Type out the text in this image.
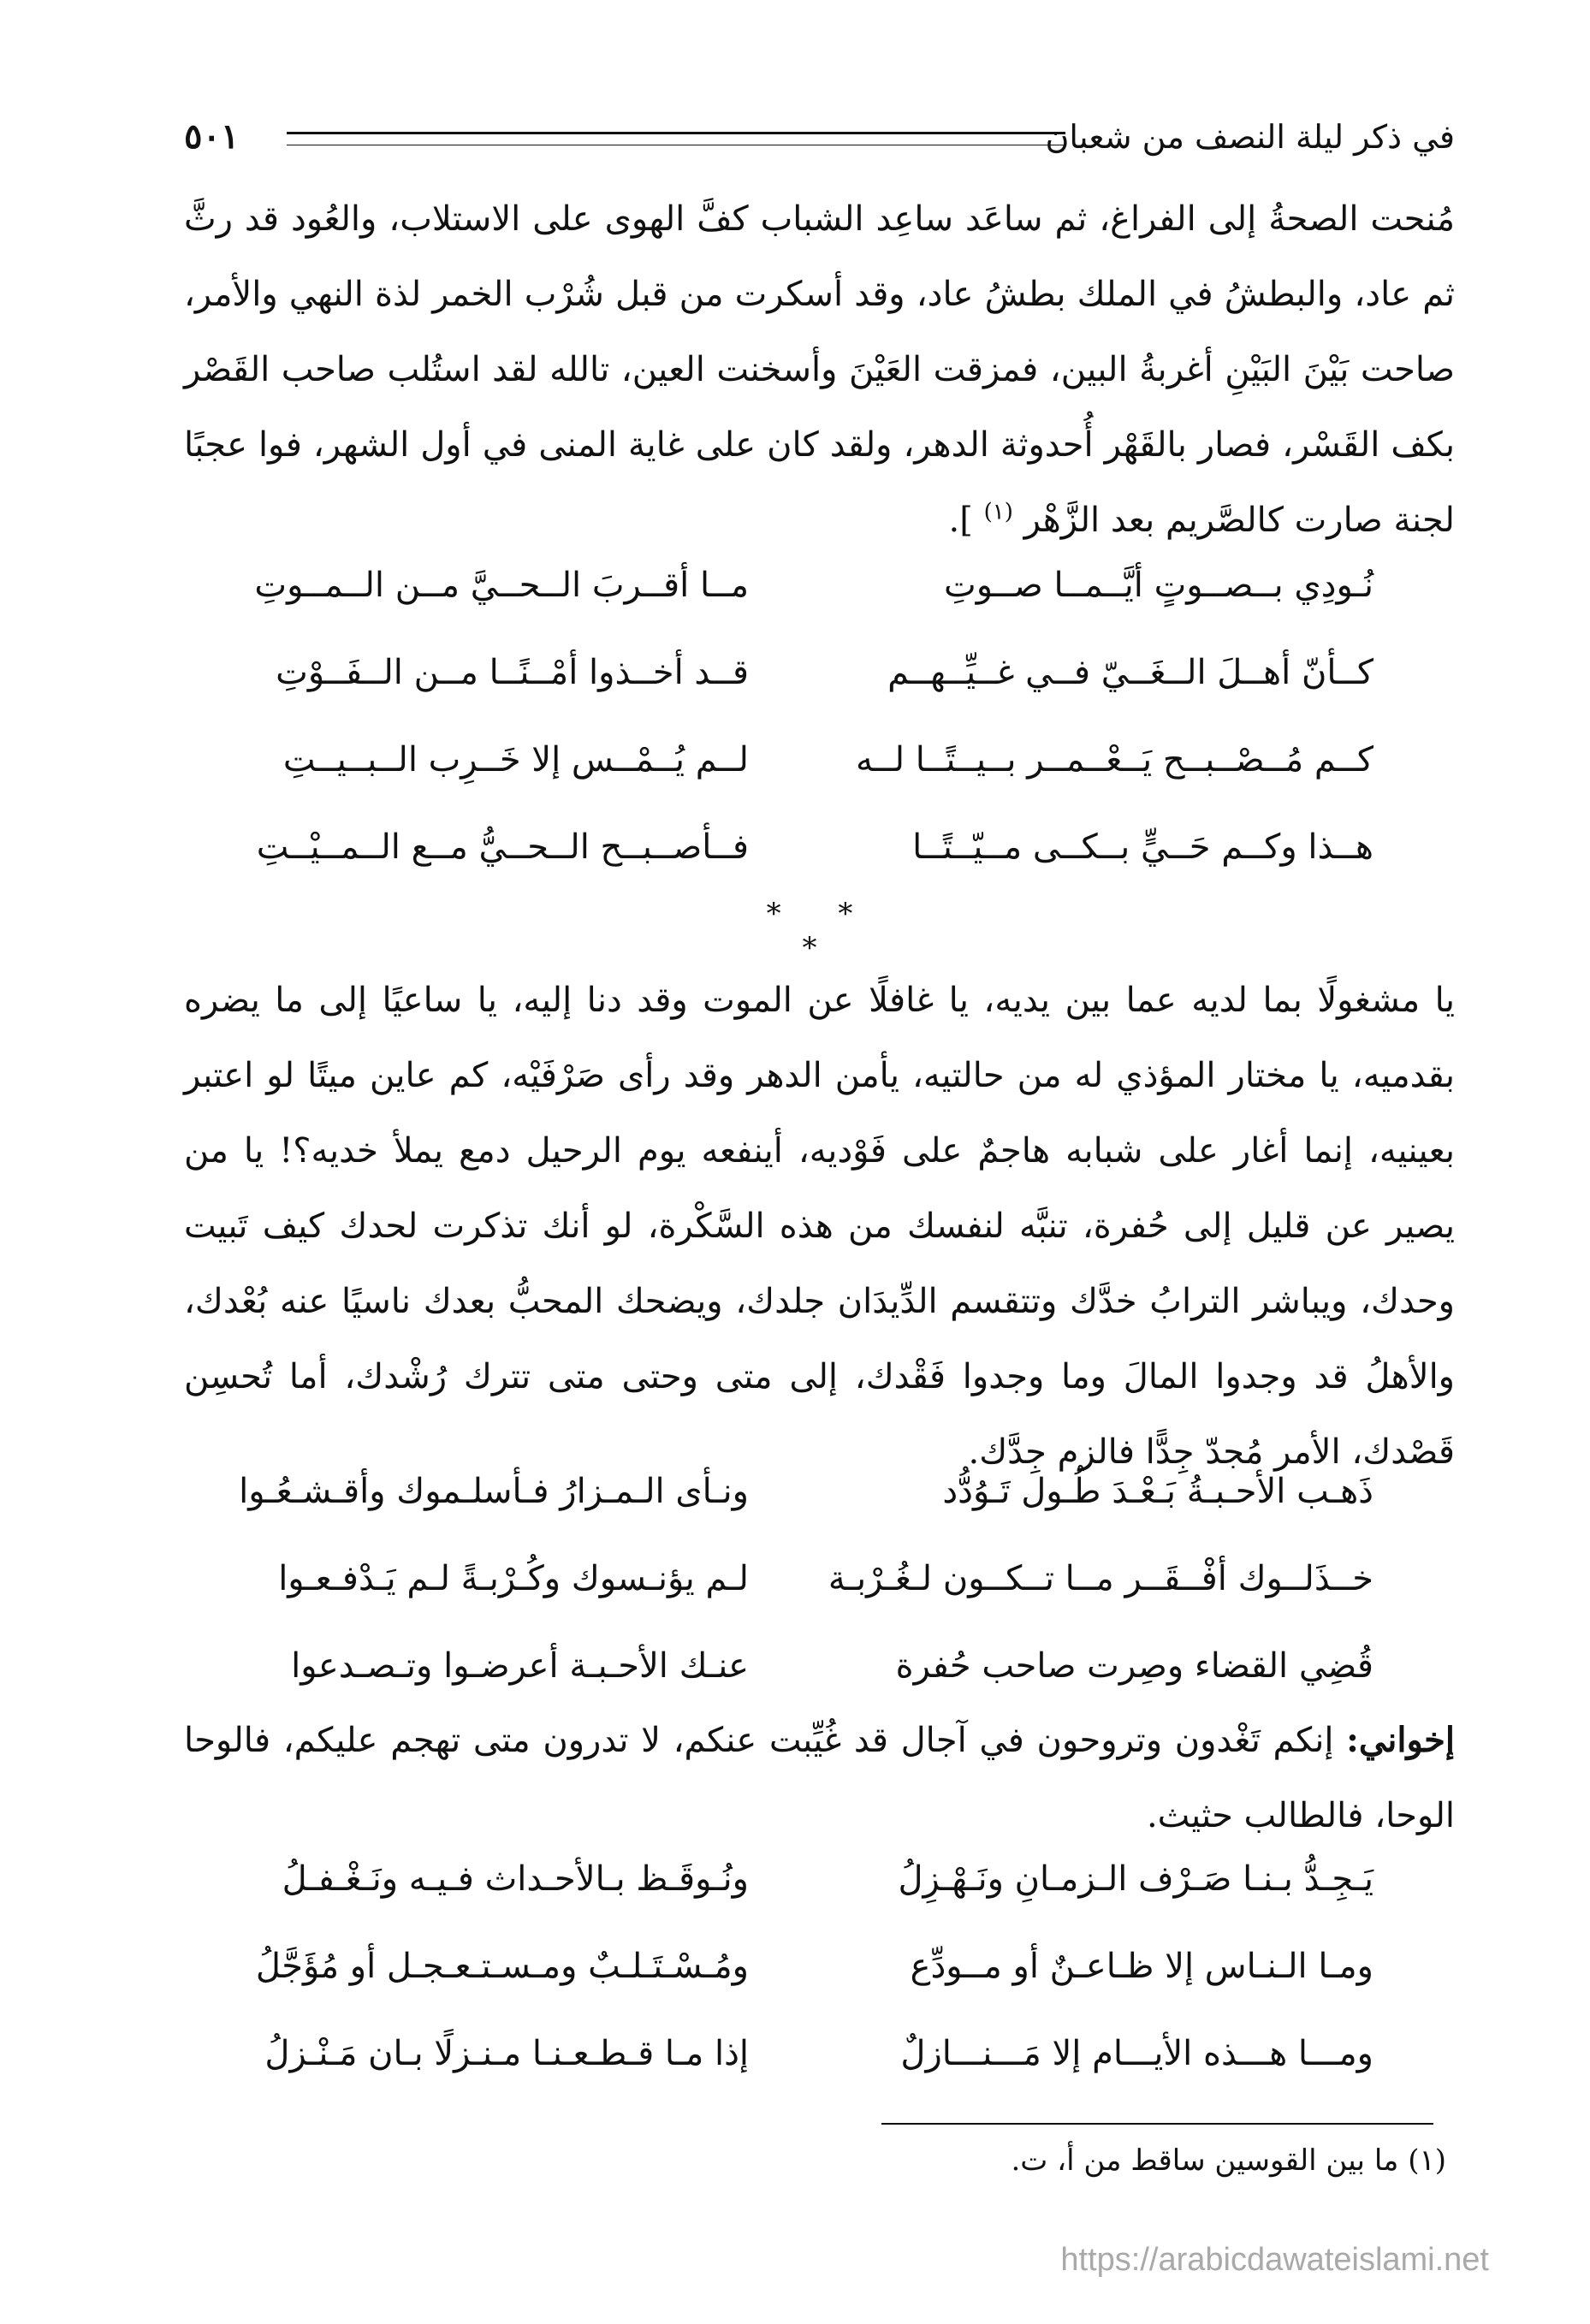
في ذكر ليلة النصف من شعبان
٥٠١

مُنحت الصحةُ إلى الفراغ، ثم ساعَد ساعِد الشباب كفَّ الهوى على الاستلاب، والعُود قد رثَّ ثم عاد، والبطشُ في الملك بطشُ عاد، وقد أسكرت من قبل شُرْب الخمر لذة النهي والأمر، صاحت بَيْنَ البَيْنِ أغربةُ البين، فمزقت العَيْنَ وأسخنت العين، تالله لقد استُلب صاحب القَصْر بكف القَسْر، فصار بالقَهْر أُحدوثة الدهر، ولقد كان على غاية المنى في أول الشهر، فوا عجبًا لجنة صارت كالصَّريم بعد الزَّهْر $^{(١)}$ ].

نُـودِي بــصــوتٍ أيَّــمــا صــوتِ
مــا أقــربَ الــحــيَّ مــن الــمــوتِ
كــأنّ أهــلَ الــغَــيّ فــي غــيِّــهــم
قــد أخــذوا أمْــنًــا مــن الــفَــوْتِ
كــم مُــصْــبــح يَــعْــمــر بــيــتًــا لــه
لــم يُــمْــس إلا خَــرِب الــبــيــتِ
هــذا وكــم حَــيٍّ بــكــى مــيّــتًــا
فــأصــبــح الــحــيُّ مــع الــمــيْــتِ
* * *

يا مشغولًا بما لديه عما بين يديه، يا غافلًا عن الموت وقد دنا إليه، يا ساعيًا إلى ما يضره بقدميه، يا مختار المؤذي له من حالتيه، يأمن الدهر وقد رأى صَرْفَيْه، كم عاين ميتًا لو اعتبر بعينيه، إنما أغار على شبابه هاجمٌ على فَوْديه، أينفعه يوم الرحيل دمع يملأ خديه؟! يا من يصير عن قليل إلى حُفرة، تنبَّه لنفسك من هذه السَّكْرة، لو أنك تذكرت لحدك كيف تَبيت وحدك، ويباشر الترابُ خدَّك وتتقسم الدِّيدَان جلدك، ويضحك المحبُّ بعدك ناسيًا عنه بُعْدك، والأهلُ قد وجدوا المالَ وما وجدوا فَقْدك، إلى متى وحتى متى تترك رُشْدك، أما تُحسِن قَصْدك، الأمر مُجدّ جِدًّا فالزم جِدَّك.

ذَهـب الأحـبـةُ بَـعْـدَ طُـول تَـوُدُّد
ونـأى الـمـزارُ فـأسلـموك وأقـشـعُـوا
خــذَلــوك أفْــقَــر مــا تــكــون لـغُـرْبـة
لـم يؤنـسوك وكُـرْبـةً لـم يَـدْفـعـوا
قُضِي القضاء وصِرت صاحب حُفرة
عنـك الأحـبـة أعرضـوا وتـصـدعوا

إخواني: إنكم تَغْدون وتروحون في آجال قد غُيِّبت عنكم، لا تدرون متى تهجم عليكم، فالوحا الوحا، فالطالب حثيث.

يَـجِـدُّ بـنـا صَـرْف الـزمـانِ ونَـهْـزِلُ
ونُـوقَـظ بـالأحـداث فـيـه ونَـغْـفـلُ
ومـا الـنـاس إلا ظـاعـنٌ أو مــودِّع
ومُـسْـتَـلـبٌ ومـسـتـعـجـل أو مُؤَجَّلُ
ومـــا هـــذه الأيـــام إلا مَـــنـــازلٌ
إذا مـا قـطـعـنـا مـنـزلًا بـان مَـنْـزلُ
(١) ما بين القوسين ساقط من أ، ت.
https://arabicdawateislami.net
